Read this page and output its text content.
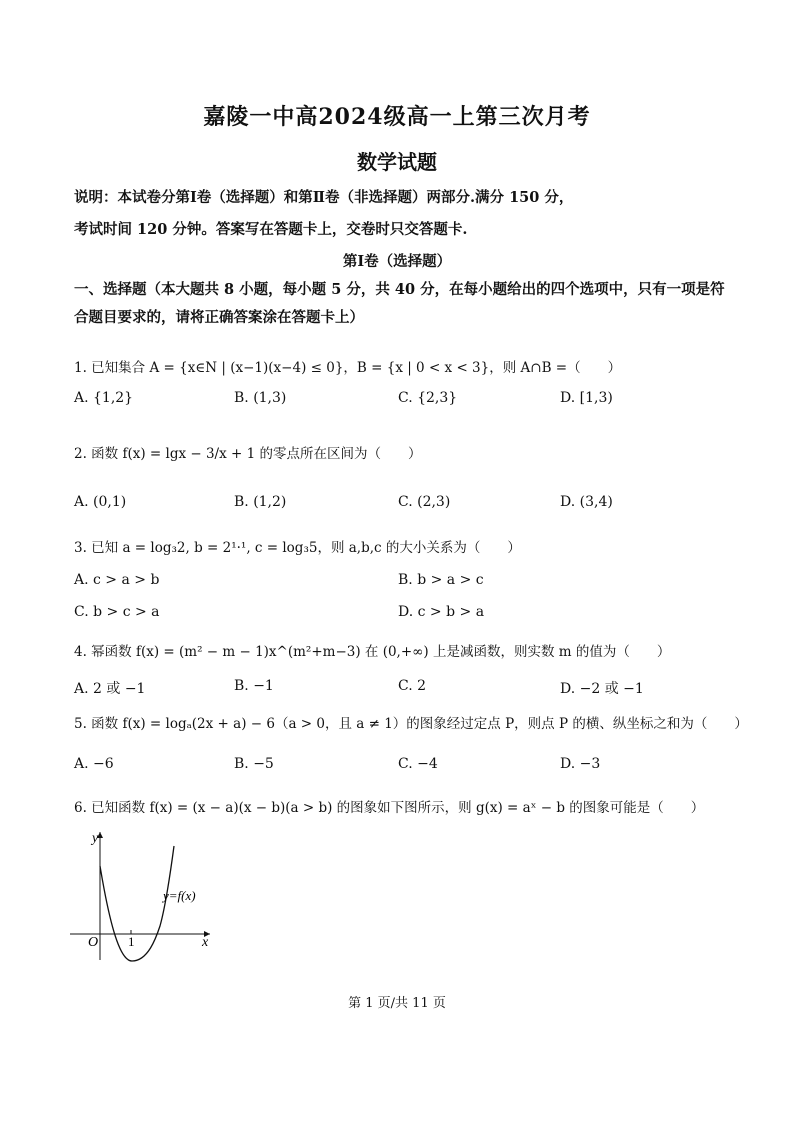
嘉陵一中高2024级高一上第三次月考
数学试题
说明：本试卷分第Ⅰ卷（选择题）和第Ⅱ卷（非选择题）两部分.满分 150 分，
考试时间 120 分钟。答案写在答题卡上，交卷时只交答题卡.
第Ⅰ卷（选择题）
一、选择题（本大题共 8 小题，每小题 5 分，共 40 分，在每小题给出的四个选项中，只有一项是符合题目要求的，请将正确答案涂在答题卡上）
1. 已知集合 A = {x∈N | (x−1)(x−4) ≤ 0}，B = {x | 0 < x < 3}，则 A∩B =（　　）
A. {1,2}	B. (1,3)	C. {2,3}	D. [1,3)
2. 函数 f(x) = lgx − 3/x + 1 的零点所在区间为（　　）
A. (0,1)	B. (1,2)	C. (2,3)	D. (3,4)
3. 已知 a = log₃2, b = 2¹·¹, c = log₃5，则 a,b,c 的大小关系为（　　）
A. c > a > b	B. b > a > c
C. b > c > a	D. c > b > a
4. 幂函数 f(x) = (m² − m − 1)x^(m²+m−3) 在 (0,+∞) 上是减函数，则实数 m 的值为（　　）
A. 2 或 −1	B. −1	C. 2	D. −2 或 −1
5. 函数 f(x) = logₐ(2x + a) − 6（a > 0，且 a ≠ 1）的图象经过定点 P，则点 P 的横、纵坐标之和为（　　）
A. −6	B. −5	C. −4	D. −3
6. 已知函数 f(x) = (x − a)(x − b)(a > b) 的图象如下图所示，则 g(x) = aˣ − b 的图象可能是（　　）
y
x
O 1
y=f(x)
第 1 页/共 11 页
